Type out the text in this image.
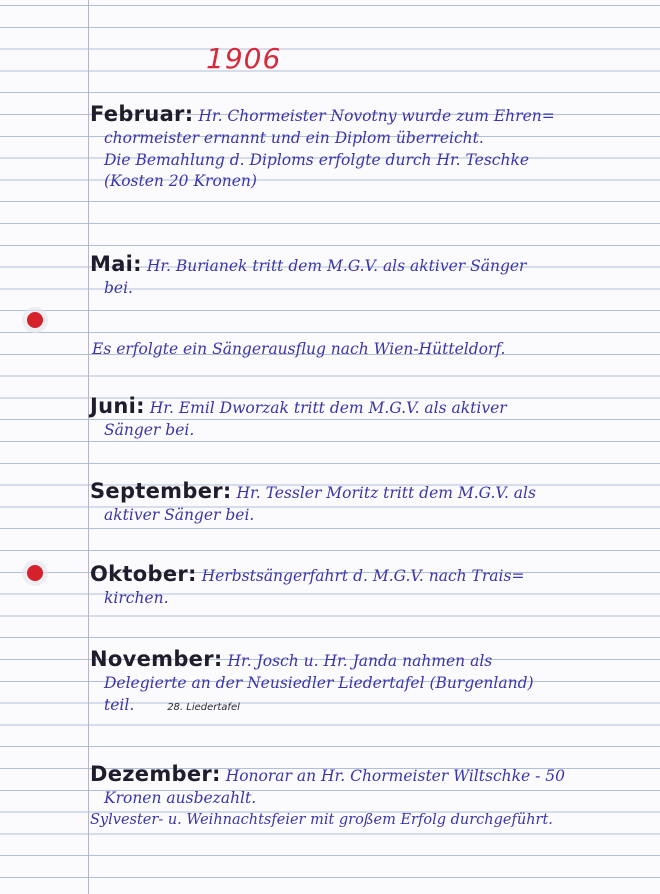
1906
Februar: Hr. Chormeister Novotny wurde zum Ehren=
chormeister ernannt und ein Diplom überreicht.
Die Bemahlung d. Diploms erfolgte durch Hr. Teschke
(Kosten 20 Kronen)
Mai: Hr. Burianek tritt dem M.G.V. als aktiver Sänger
bei.
Es erfolgte ein Sängerausflug nach Wien-Hütteldorf.
Juni: Hr. Emil Dworzak tritt dem M.G.V. als aktiver
Sänger bei.
September: Hr. Tessler Moritz tritt dem M.G.V. als
aktiver Sänger bei.
Oktober: Herbstsängerfahrt d. M.G.V. nach Trais=
kirchen.
November: Hr. Josch u. Hr. Janda nahmen als
Delegierte an der Neusiedler Liedertafel (Burgenland)
teil.	28. Liedertafel
Dezember: Honorar an Hr. Chormeister Wiltschke - 50
Kronen ausbezahlt.
Sylvester- u. Weihnachtsfeier mit großem Erfolg durchgeführt.
